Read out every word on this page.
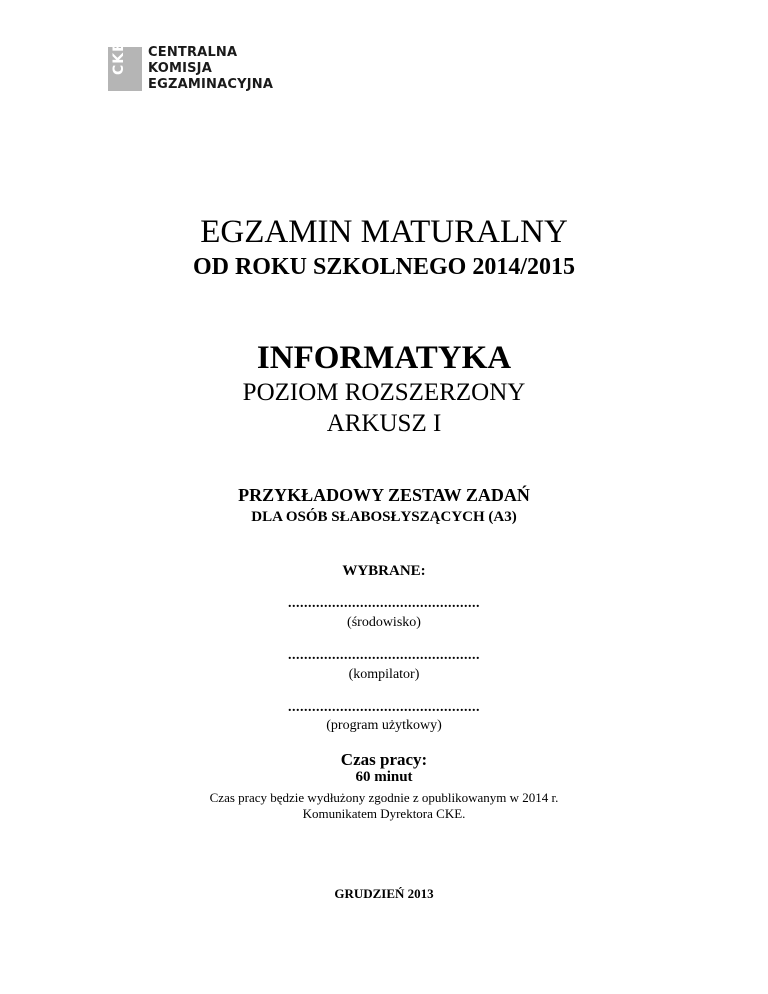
CKE CENTRALNA
KOMISJA
EGZAMINACYJNA
EGZAMIN MATURALNY
OD ROKU SZKOLNEGO 2014/2015
INFORMATYKA
POZIOM ROZSZERZONY
ARKUSZ I
PRZYKŁADOWY ZESTAW ZADAŃ
DLA OSÓB SŁABOSŁYSZĄCYCH (A3)
WYBRANE:
................................................
(środowisko)
................................................
(kompilator)
................................................
(program użytkowy)
Czas pracy:
60 minut
Czas pracy będzie wydłużony zgodnie z opublikowanym w 2014 r.
Komunikatem Dyrektora CKE.
GRUDZIEŃ 2013
